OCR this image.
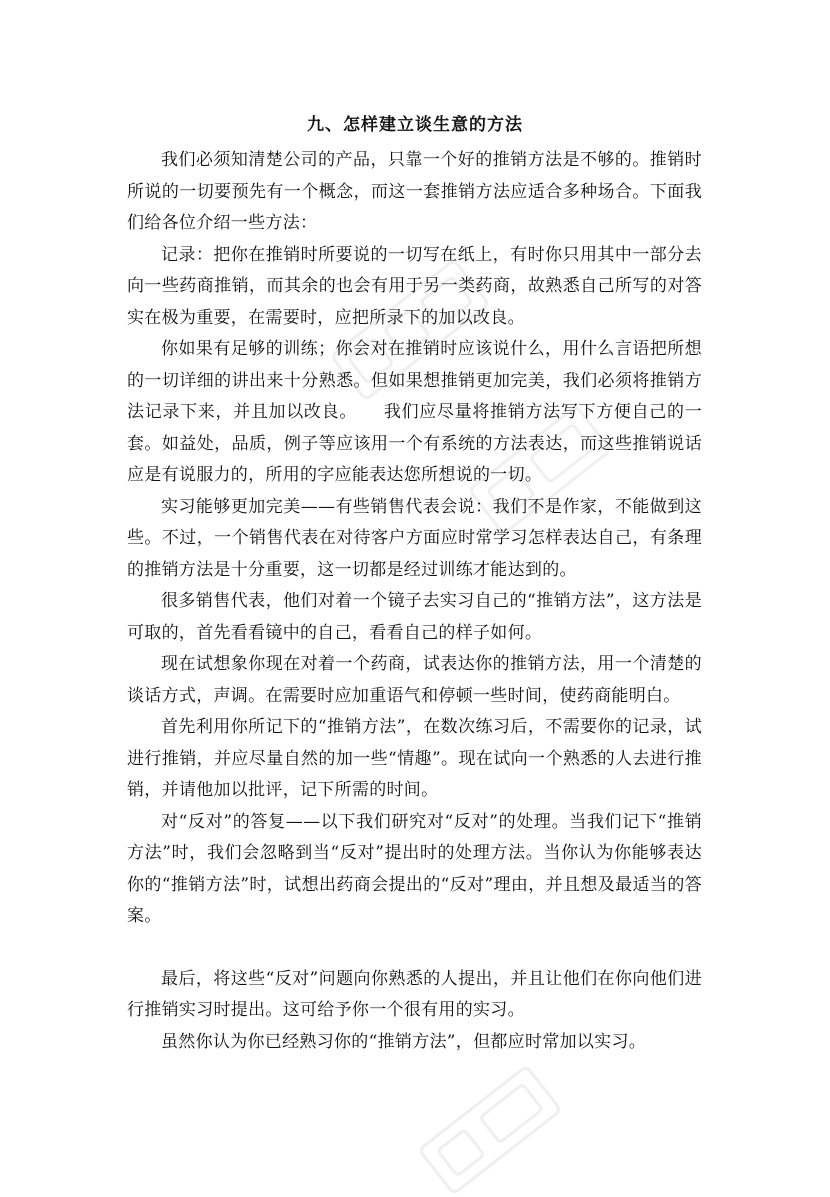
九、怎样建立谈生意的方法

我们必须知清楚公司的产品，只靠一个好的推销方法是不够的。推销时所说的一切要预先有一个概念，而这一套推销方法应适合多种场合。下面我们给各位介绍一些方法：

记录：把你在推销时所要说的一切写在纸上，有时你只用其中一部分去向一些药商推销，而其余的也会有用于另一类药商，故熟悉自己所写的对答实在极为重要，在需要时，应把所录下的加以改良。

你如果有足够的训练；你会对在推销时应该说什么，用什么言语把所想的一切详细的讲出来十分熟悉。但如果想推销更加完美，我们必须将推销方法记录下来，并且加以改良。　　我们应尽量将推销方法写下方便自己的一套。如益处，品质，例子等应该用一个有系统的方法表达，而这些推销说话应是有说服力的，所用的字应能表达您所想说的一切。

实习能够更加完美——有些销售代表会说：我们不是作家，不能做到这些。不过，一个销售代表在对待客户方面应时常学习怎样表达自己，有条理的推销方法是十分重要，这一切都是经过训练才能达到的。

很多销售代表，他们对着一个镜子去实习自己的“推销方法”，这方法是可取的，首先看看镜中的自己，看看自己的样子如何。

现在试想象你现在对着一个药商，试表达你的推销方法，用一个清楚的谈话方式，声调。在需要时应加重语气和停顿一些时间，使药商能明白。

首先利用你所记下的“推销方法”，在数次练习后，不需要你的记录，试进行推销，并应尽量自然的加一些“情趣”。现在试向一个熟悉的人去进行推销，并请他加以批评，记下所需的时间。

对“反对”的答复——以下我们研究对“反对”的处理。当我们记下“推销方法”时，我们会忽略到当“反对”提出时的处理方法。当你认为你能够表达你的“推销方法”时，试想出药商会提出的“反对”理由，并且想及最适当的答案。

最后，将这些“反对”问题向你熟悉的人提出，并且让他们在你向他们进行推销实习时提出。这可给予你一个很有用的实习。

虽然你认为你已经熟习你的“推销方法”，但都应时常加以实习。
